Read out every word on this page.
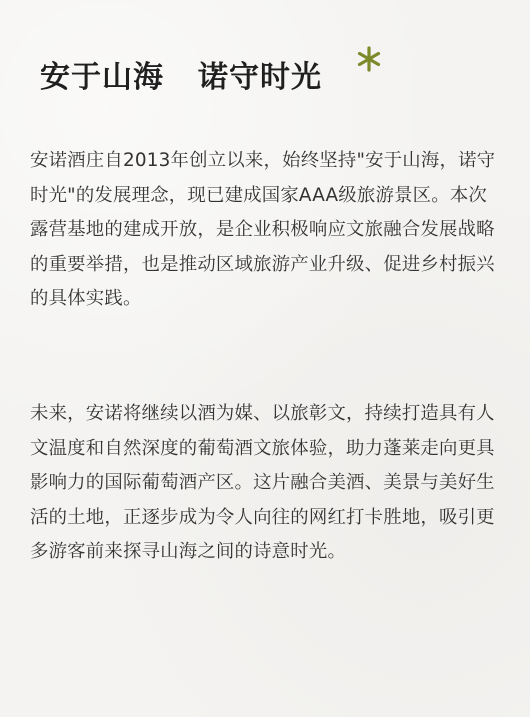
安于山海 诺守时光

安诺酒庄自2013年创立以来，始终坚持"安于山海，诺守时光"的发展理念，现已建成国家AAA级旅游景区。本次露营基地的建成开放，是企业积极响应文旅融合发展战略的重要举措，也是推动区域旅游产业升级、促进乡村振兴的具体实践。

未来，安诺将继续以酒为媒、以旅彰文，持续打造具有人文温度和自然深度的葡萄酒文旅体验，助力蓬莱走向更具影响力的国际葡萄酒产区。这片融合美酒、美景与美好生活的土地，正逐步成为令人向往的网红打卡胜地，吸引更多游客前来探寻山海之间的诗意时光。
